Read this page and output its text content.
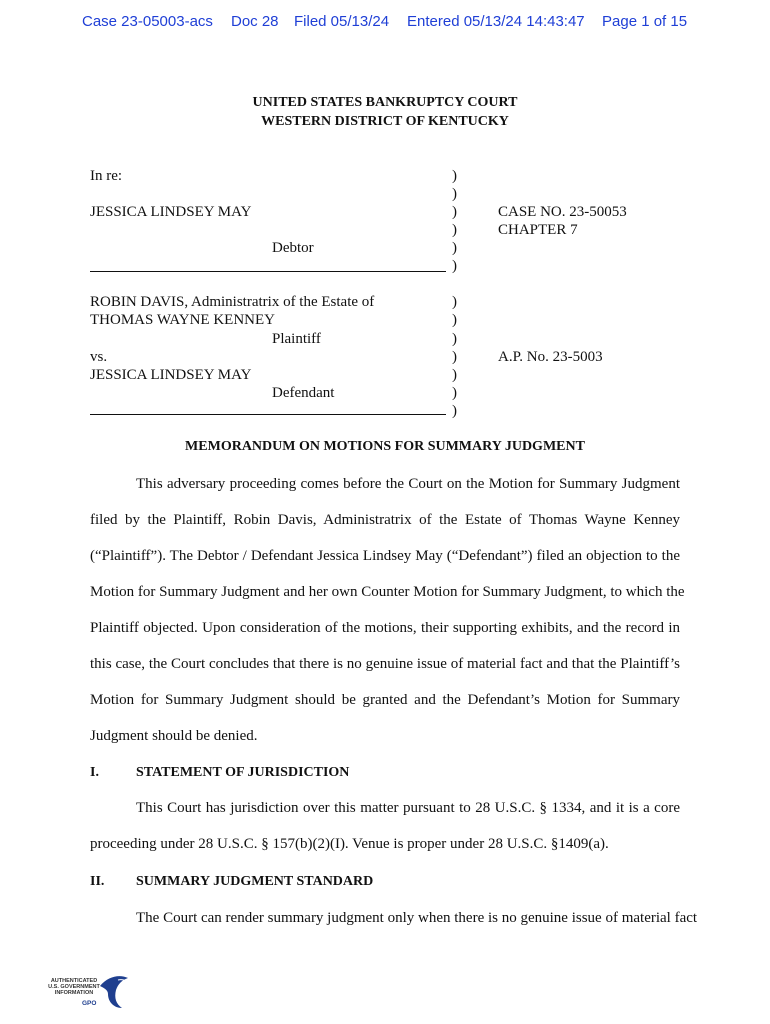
Case 23-05003-acs Doc 28 Filed 05/13/24 Entered 05/13/24 14:43:47 Page 1 of 15
UNITED STATES BANKRUPTCY COURT
WESTERN DISTRICT OF KENTUCKY
In re:
JESSICA LINDSEY MAY
Debtor
ROBIN DAVIS, Administratrix of the Estate of
THOMAS WAYNE KENNEY
Plaintiff
vs.
JESSICA LINDSEY MAY
Defendant
)
)
)
)
)
)
)
)
)
)
)
)
)
CASE NO. 23-50053
CHAPTER 7
A.P. No. 23-5003
MEMORANDUM ON MOTIONS FOR SUMMARY JUDGMENT
This adversary proceeding comes before the Court on the Motion for Summary Judgment
filed by the Plaintiff, Robin Davis, Administratrix of the Estate of Thomas Wayne Kenney
(“Plaintiff”). The Debtor / Defendant Jessica Lindsey May (“Defendant”) filed an objection to the
Motion for Summary Judgment and her own Counter Motion for Summary Judgment, to which the
Plaintiff objected. Upon consideration of the motions, their supporting exhibits, and the record in
this case, the Court concludes that there is no genuine issue of material fact and that the Plaintiff’s
Motion for Summary Judgment should be granted and the Defendant’s Motion for Summary
Judgment should be denied.
I.	STATEMENT OF JURISDICTION
This Court has jurisdiction over this matter pursuant to 28 U.S.C. § 1334, and it is a core
proceeding under 28 U.S.C. § 157(b)(2)(I). Venue is proper under 28 U.S.C. §1409(a).
II. SUMMARY JUDGMENT STANDARD
The Court can render summary judgment only when there is no genuine issue of material fact
AUTHENTICATED
U.S. GOVERNMENT
INFORMATION
GPO
